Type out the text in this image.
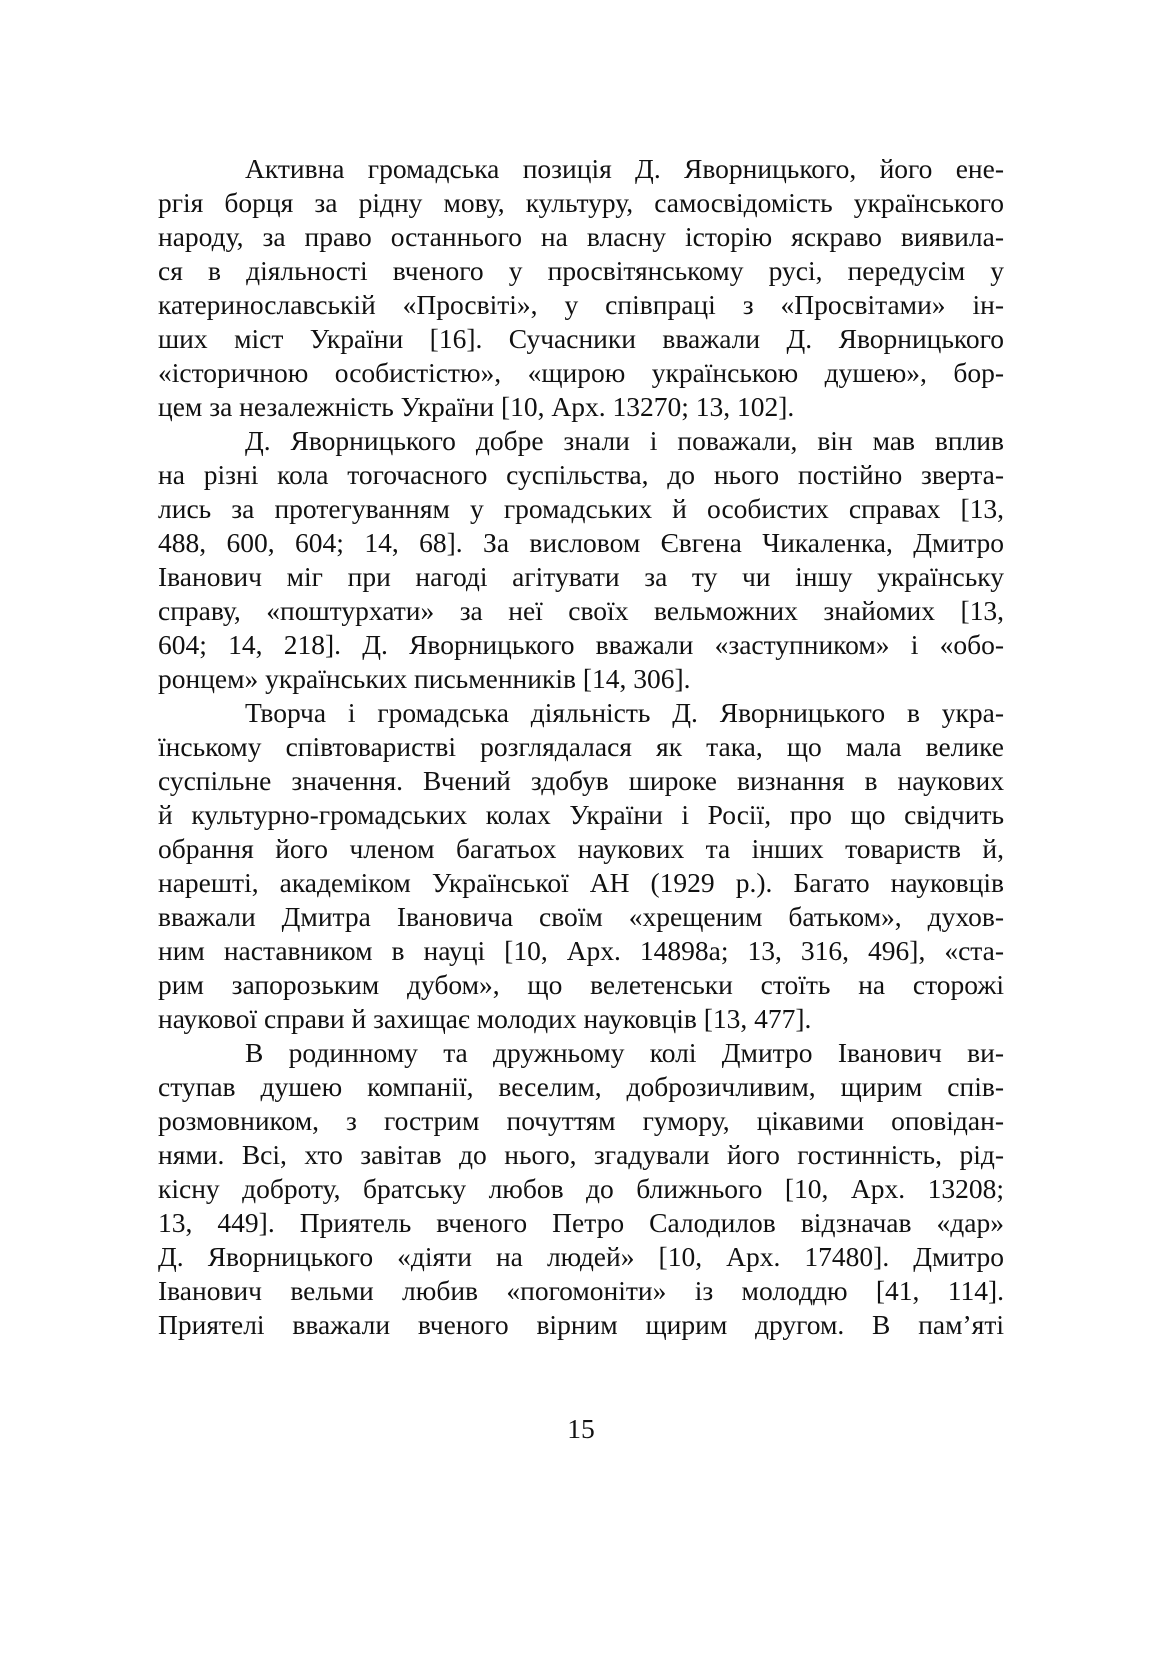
Активна громадська позиція Д. Яворницького, його ене-
ргія борця за рідну мову, культуру, самосвідомість українського
народу, за право останнього на власну історію яскраво виявила-
ся в діяльності вченого у просвітянському русі, передусім у
катеринославській «Просвіті», у співпраці з «Просвітами» ін-
ших міст України [16]. Сучасники вважали Д. Яворницького
«історичною особистістю», «щирою українською душею», бор-
цем за незалежність України [10, Арх. 13270; 13, 102].
Д. Яворницького добре знали і поважали, він мав вплив
на різні кола тогочасного суспільства, до нього постійно зверта-
лись за протегуванням у громадських й особистих справах [13,
488, 600, 604; 14, 68]. За висловом Євгена Чикаленка, Дмитро
Іванович міг при нагоді агітувати за ту чи іншу українську
справу, «поштурхати» за неї своїх вельможних знайомих [13,
604; 14, 218]. Д. Яворницького вважали «заступником» і «обо-
ронцем» українських письменників [14, 306].
Творча і громадська діяльність Д. Яворницького в укра-
їнському співтоваристві розглядалася як така, що мала велике
суспільне значення. Вчений здобув широке визнання в наукових
й культурно-громадських колах України і Росії, про що свідчить
обрання його членом багатьох наукових та інших товариств й,
нарешті, академіком Української АН (1929 р.). Багато науковців
вважали Дмитра Івановича своїм «хрещеним батьком», духов-
ним наставником в науці [10, Арх. 14898а; 13, 316, 496], «ста-
рим запорозьким дубом», що велетенськи стоїть на сторожі
наукової справи й захищає молодих науковців [13, 477].
В родинному та дружньому колі Дмитро Іванович ви-
ступав душею компанії, веселим, доброзичливим, щирим спів-
розмовником, з гострим почуттям гумору, цікавими оповідан-
нями. Всі, хто завітав до нього, згадували його гостинність, рід-
кісну доброту, братську любов до ближнього [10, Арх. 13208;
13, 449]. Приятель вченого Петро Салодилов відзначав «дар»
Д. Яворницького «діяти на людей» [10, Арх. 17480]. Дмитро
Іванович вельми любив «погомоніти» із молоддю [41, 114].
Приятелі вважали вченого вірним щирим другом. В пам’яті
15
